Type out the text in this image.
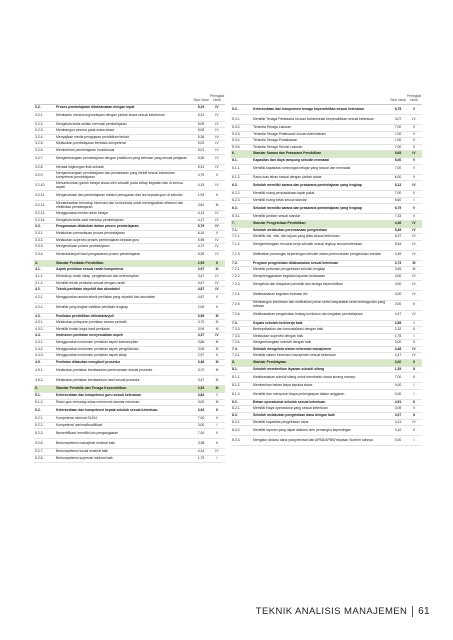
Skor Ideal
Peringkat Ideal
3.2.	Proses pembelajaran dilaksanakan dengan tepat	5,19	IV
3.2.1.	Membantu mendorong/melayani dengan jumlah siswa sesuai kebutuhan	5,31	IV
3.2.2.	Mengelola kelas selaku memulai pembelajaran	5,09	IV
3.2.3.	Membangun pesona pada masa siswa	5,05	IV
3.2.4.	Menyajikan media pengajaran pendidikan terkait	5,36	IV
3.2.5.	Melakukan pembelajaran berbasis kompetensi	5,02	IV
3.2.6.	Memberikan pembelajaran kontekstual	5,01	IV
3.2.7.	Mengembangkan pembelajaran dengan praktikum yang kekinian yang sesuai pelajaran	5,30	IV
3.2.8.	Menata lingkungan fisik sekolah	5,31	IV
3.2.9.	Mengembangkan pembelajaran dan pendekatan yang efektif sesuai kebutuhan kompetensi pembelajaran	4,79	V
3.2.10.	Menumbuhkan gairah belajar siswa oleh sekolah pada setiap kegiatan dan di semua aspek	4,15	IV
3.2.11.	Mengevaluasi dan pembelajaran melalui penugasan dan tes kepada guru di sekolah	1,93	II
3.2.12.	Memanfaatkan teknologi informasi dan komunikasi untuk meningkatkan efisiensi dan efektivitas pembelajaran	3,81	III
3.2.13.	Menggunakan media untuk belajar	4,13	IV
3.2.14.	Mengelola kelas saat menutup pembelajaran	4,17	IV
3.3.	Pengawasan dilakukan dalam proses pembelajaran	5,79	IV
3.3.1.	Melakukan pemantauan proses pembelajaran	6,16	V
3.3.2.	Melakukan supervisi proses pembelajaran kepada guru	5,98	IV
3.3.3.	Mengevaluasi proses pembelajaran	4,72	IV
3.3.4.	Menindaklanjuti hasil pengawasan proses pembelajaran	5,39	IV
4.	Standar Penilaian Pendidikan	2,99	II
4.1.	Aspek penilaian sesuai ranah kompetensi	3,97	III
4.1.1.	Mencakup ranah sikap, pengetahuan dan keterampilan	3,47	IV
4.1.2.	Memiliki teknik penilaian sesuai dengan ranah	4,47	IV
4.2.	Teknik penilaian obyektif dan akuntabel	4,87	IV
4.2.1.	Menggunakan aneka teknik penilaian yang obyektif dan akuntabel	4,87	V
4.2.2.	Memiliki yang tingkat validitas penilaian lengkap	2,00	II
4.3.	Penilaian pendidikan ditindaklanjuti	3,99	III
4.3.1.	Melakukan pelaporan penilaian secara periodik	3,70	III
4.3.2.	Memiliki tindak lanjut hasil penilaian	3,94	III
4.4.	Instrumen penilaian menyesuaikan aspek	3,37	IV
4.4.1.	Menggunakan instrumen penilaian aspek keterampilan	3,86	III
4.4.2.	Menggunakan instrumen penilaian aspek pengetahuan	3,05	III
4.4.3.	Menggunakan instrumen penilaian aspek sikap	2,97	II
4.5.	Penilaian dilakukan mengikuti prosedur	3,46	III
4.5.1.	Melakukan penilaian berdasarkan perencanaan sesuai prosedur	3,70	III
4.5.2.	Melakukan penilaian berdasarkan hasil sesuai prosedur	3,47	III
5.	Standar Pendidik dan Tenaga Kependidikan	3,53	III
5.1.	Ketersediaan dan kompetensi guru sesuai ketentuan	3,84	I
5.1.2.	Rasio guru terhadap kelas memenuhi standar minimum	3,00	III
5.2.	Ketersediaan dan kompetensi kepala sekolah sesuai ketentuan	3,93	II
5.2.1.	Kompetensi minimal S1/D4	7,00	V
5.2.2.	Kompetensi minimal/kualifikasi	3,00	I
5.2.3.	Bersertifikasi/ memiliki izin pengangkatan	7,00	V
5.2.6.	Berkompetensi manajerial minimal baik	3,38	II
5.2.7.	Berkompetensi sosial minimal baik	4,34	IV
5.2.8.	Berkompetensi supervisi minimal baik	1,79	I
Skor Ideal
Peringkat Ideal
5.3.	Ketersediaan dan kompetensi tenaga kependidikan sesuai ketentuan	6,75	V
5.3.1.	Memiliki Tenaga Pelaksana Urusan Administrasi berpendidikan sesuai ketentuan	3,07	IV
5.3.2.	Tersedia Tenaga Laboran	7,00	V
5.3.3.	Tersedia Tenaga Pelaksana Urusan Administrasi	7,00	V
5.3.4.	Tersedia Tenaga Pustakawan	7,00	V
5.3.5.	Tersedia Tenaga Teknisi Laboran	7,00	V
6.	Standar Sarana dan Prasarana Pendidikan	5,65	IV
6.1.	Kapasitas dan daya tampung sekolah memadai	6,00	V
6.1.1.	Memiliki kapasitas rombongan belajar yang sesuai dan memadai	7,00	V
6.1.2.	Rasio luas lahan sesuai dengan jumlah siswa	6,00	V
6.2.	Sekolah memiliki sarana dan prasarana pembelajaran yang lengkap	5,13	IV
6.2.2.	Memiliki ruang perpustakaan layak pakai	7,00	V
6.2.3.	Memiliki ruang kelas sesuai standar	5,60	I
6.3.	Sekolah memiliki sarana dan prasarana pembelajaran yang lengkap	6,79	V
6.3.1.	Memiliki jamban sesuai standar	7,33	V
7.	Standar Pengelolaan Pendidikan	4,36	IV
7.1.	Sekolah melakukan perencanaan pengelolaan	5,45	IV
7.1.1.	Memiliki visi, misi, dan tujuan yang jelas sesuai ketentuan	5,37	IV
7.1.2.	Mengembangkan rencana kerja sekolah sesuai lingkup sesuai ketentuan	5,54	IV
7.1.3.	Melibatkan pemangku kepentingan sekolah dalam perencanaan pengelolaan sekolah	4,49	IV
7.2.	Program pengelolaan dilaksanakan sesuai ketentuan	3,73	III
7.2.1.	Memiliki pedoman pengelolaan sekolah lengkap	3,55	III
7.2.2.	Menyelenggarakan kegiatan layanan kesiswaan	4,00	IV
7.2.3.	Mengelola dan disiapkan pendidik dan tenaga kependidikan	4,00	IV
7.2.4.	Melaksanakan kegiatan evaluasi diri	4,00	IV
7.2.5.	Membangun kemitraan dan melibatkan peran serta masyarakat serta lembaga lain yang relevan	2,00	II
7.2.6.	Melaksanakan pengelolaan bidang kurikulum dan kegiatan pembelajaran	4,47	IV
7.3.	Kepala sekolah berkinerja baik	2,85	I
7.3.3.	Berkepribadian dan bersosialisasi dengan baik	2,32	II
7.3.3.	Melakukan supervisi dengan baik	1,75	I
7.3.4.	Mengembangkan sekolah dengan baik	3,00	II
7.4.	Sekolah mengelola sistem informasi manajemen	3,48	IV
7.4.1.	Memiliki sistem informasi manajemen sesuai ketentuan	4,47	IV
8.	Standar Pembiayaan	3,00	II
8.1.	Sekolah memberikan layanan subsidi silang	1,35	II
8.1.1.	Melaksanakan subsidi silang untuk membantu siswa kurang mampu	7,00	II
8.1.2.	Memberikan bebas biaya kepada siswa	0,00	I
8.1.3.	Memiliki dan menyusun biaya perlengkapan dalam anggaran	0,00	I
8.2.	Beban operasional sekolah sesuai ketentuan	4,91	II
8.2.1.	Memiliki biaya operasional yang sesuai ketentuan	3,05	V
8.3.	Sekolah melakukan pengelolaan dana dengan baik	3,07	II
8.3.1.	Memiliki kapasitas pengelolaan dana	4,11	IV
8.3.2.	Memiliki laporan yang dapat diakses oleh pemangku kepentingan	3,10	II
8.3.3.	Mengatur alokasi dana yang berasal dari APBD/APBN/Yayasan Sumber lainnya	0,00	I
TEKNIK ANALISIS MANAJEMEN 61
